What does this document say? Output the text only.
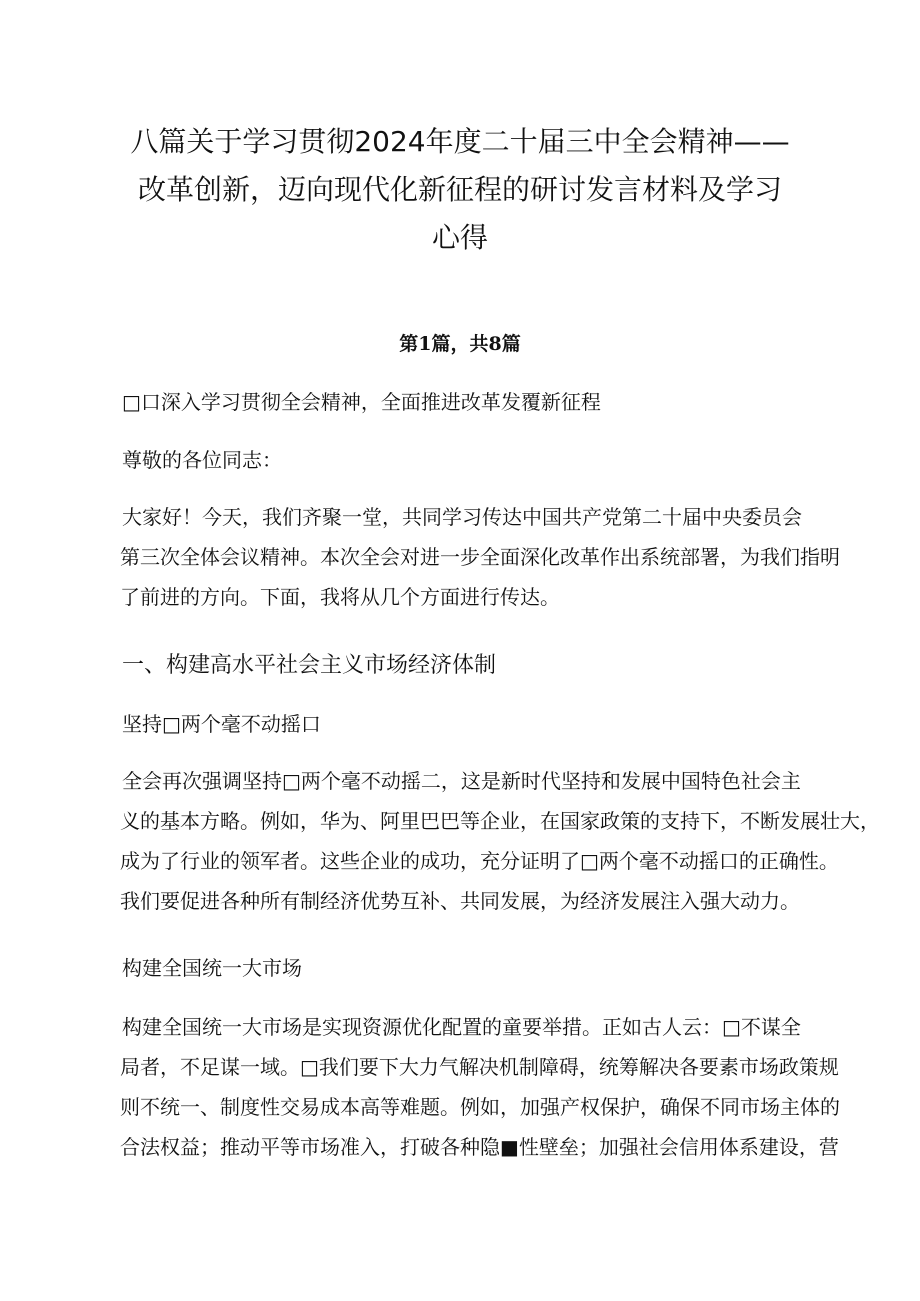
八篇关于学习贯彻2024年度二十届三中全会精神——
改革创新，迈向现代化新征程的研讨发言材料及学习
心得

第1篇，共8篇

□口深入学习贯彻全会精神，全面推进改革发覆新征程

尊敬的各位同志：

大家好！今天，我们齐聚一堂，共同学习传达中国共产党第二十届中央委员会
第三次全体会议精神。本次全会对进一步全面深化改革作出系统部署，为我们指明
了前进的方向。下面，我将从几个方面进行传达。

一、构建高水平社会主义市场经济体制

坚持□两个毫不动摇口

全会再次强调坚持□两个毫不动摇二，这是新时代坚持和发展中国特色社会主
义的基本方略。例如，华为、阿里巴巴等企业，在国家政策的支持下，不断发展壮大，
成为了行业的领军者。这些企业的成功，充分证明了□两个毫不动摇口的正确性。
我们要促进各种所有制经济优势互补、共同发展，为经济发展注入强大动力。

构建全国统一大市场

构建全国统一大市场是实现资源优化配置的童要举措。正如古人云：□不谋全
局者，不足谋一域。□我们要下大力气解决机制障碍，统筹解决各要素市场政策规
则不统一、制度性交易成本高等难题。例如，加强产权保护，确保不同市场主体的
合法权益；推动平等市场准入，打破各种隐■性壁垒；加强社会信用体系建设，营
